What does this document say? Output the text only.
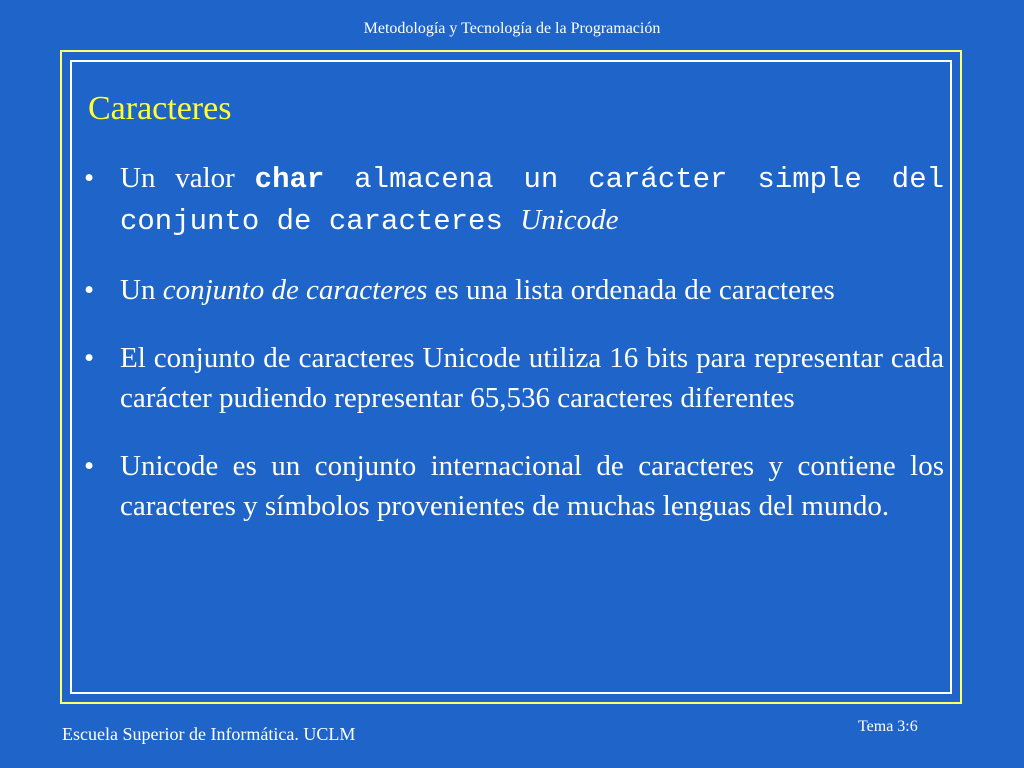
Metodología y Tecnología de la Programación
Caracteres
• Un valor char almacena un carácter simple del conjunto de caracteres Unicode
• Un conjunto de caracteres es una lista ordenada de caracteres
• El conjunto de caracteres Unicode utiliza 16 bits para representar cada carácter pudiendo representar 65,536 caracteres diferentes
• Unicode es un conjunto internacional de caracteres y contiene los caracteres y símbolos provenientes de muchas lenguas del mundo.
Escuela Superior de Informática. UCLM	Tema 3:6
